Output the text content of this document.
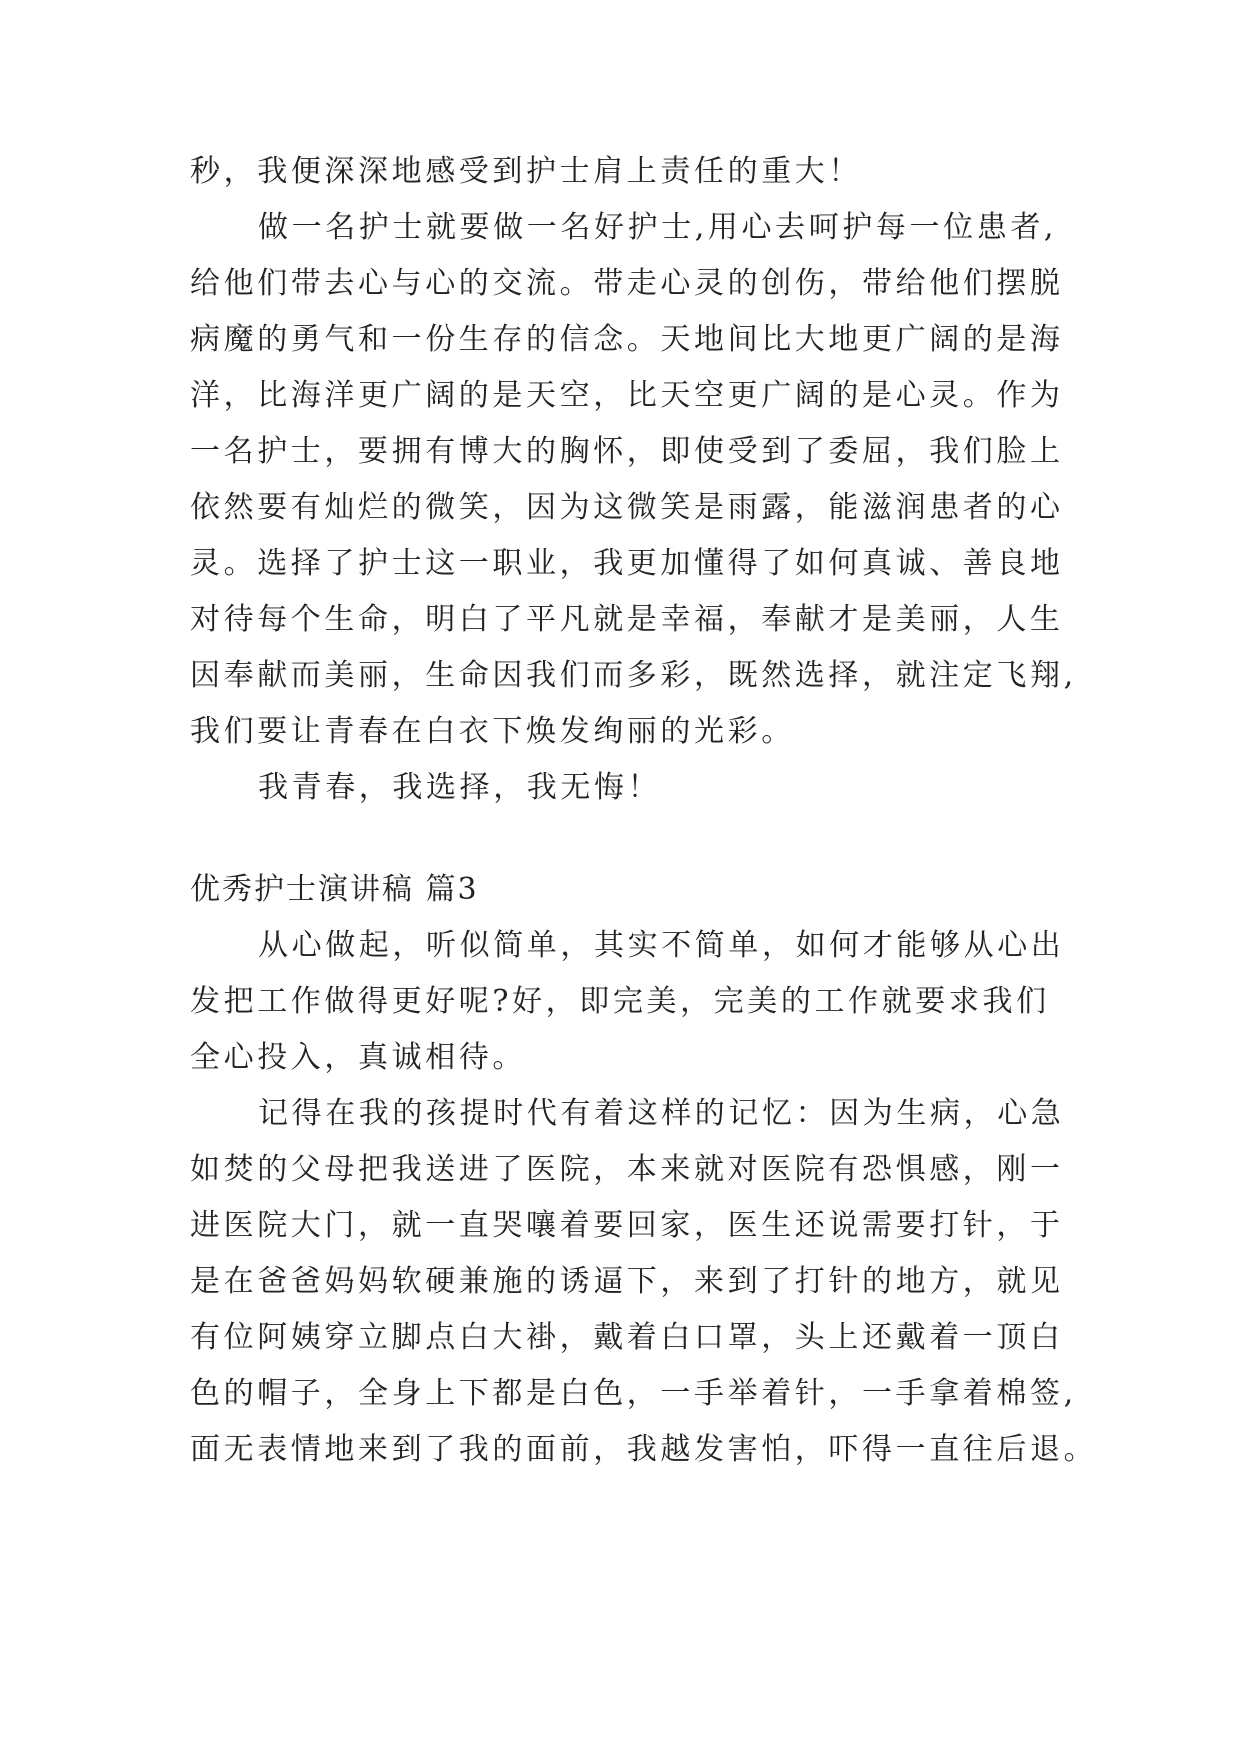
秒，我便深深地感受到护士肩上责任的重大！
做一名护士就要做一名好护士,用心去呵护每一位患者,
给他们带去心与心的交流。带走心灵的创伤，带给他们摆脱
病魔的勇气和一份生存的信念。天地间比大地更广阔的是海
洋，比海洋更广阔的是天空，比天空更广阔的是心灵。作为
一名护士，要拥有博大的胸怀，即使受到了委屈，我们脸上
依然要有灿烂的微笑，因为这微笑是雨露，能滋润患者的心
灵。选择了护士这一职业，我更加懂得了如何真诚、善良地
对待每个生命，明白了平凡就是幸福，奉献才是美丽，人生
因奉献而美丽，生命因我们而多彩，既然选择，就注定飞翔,
我们要让青春在白衣下焕发绚丽的光彩。
我青春，我选择，我无悔！
优秀护士演讲稿 篇3
从心做起，听似简单，其实不简单，如何才能够从心出
发把工作做得更好呢?好，即完美，完美的工作就要求我们
全心投入，真诚相待。
记得在我的孩提时代有着这样的记忆：因为生病，心急
如焚的父母把我送进了医院，本来就对医院有恐惧感，刚一
进医院大门，就一直哭嚷着要回家，医生还说需要打针，于
是在爸爸妈妈软硬兼施的诱逼下，来到了打针的地方，就见
有位阿姨穿立脚点白大褂，戴着白口罩，头上还戴着一顶白
色的帽子，全身上下都是白色，一手举着针，一手拿着棉签,
面无表情地来到了我的面前，我越发害怕，吓得一直往后退。
